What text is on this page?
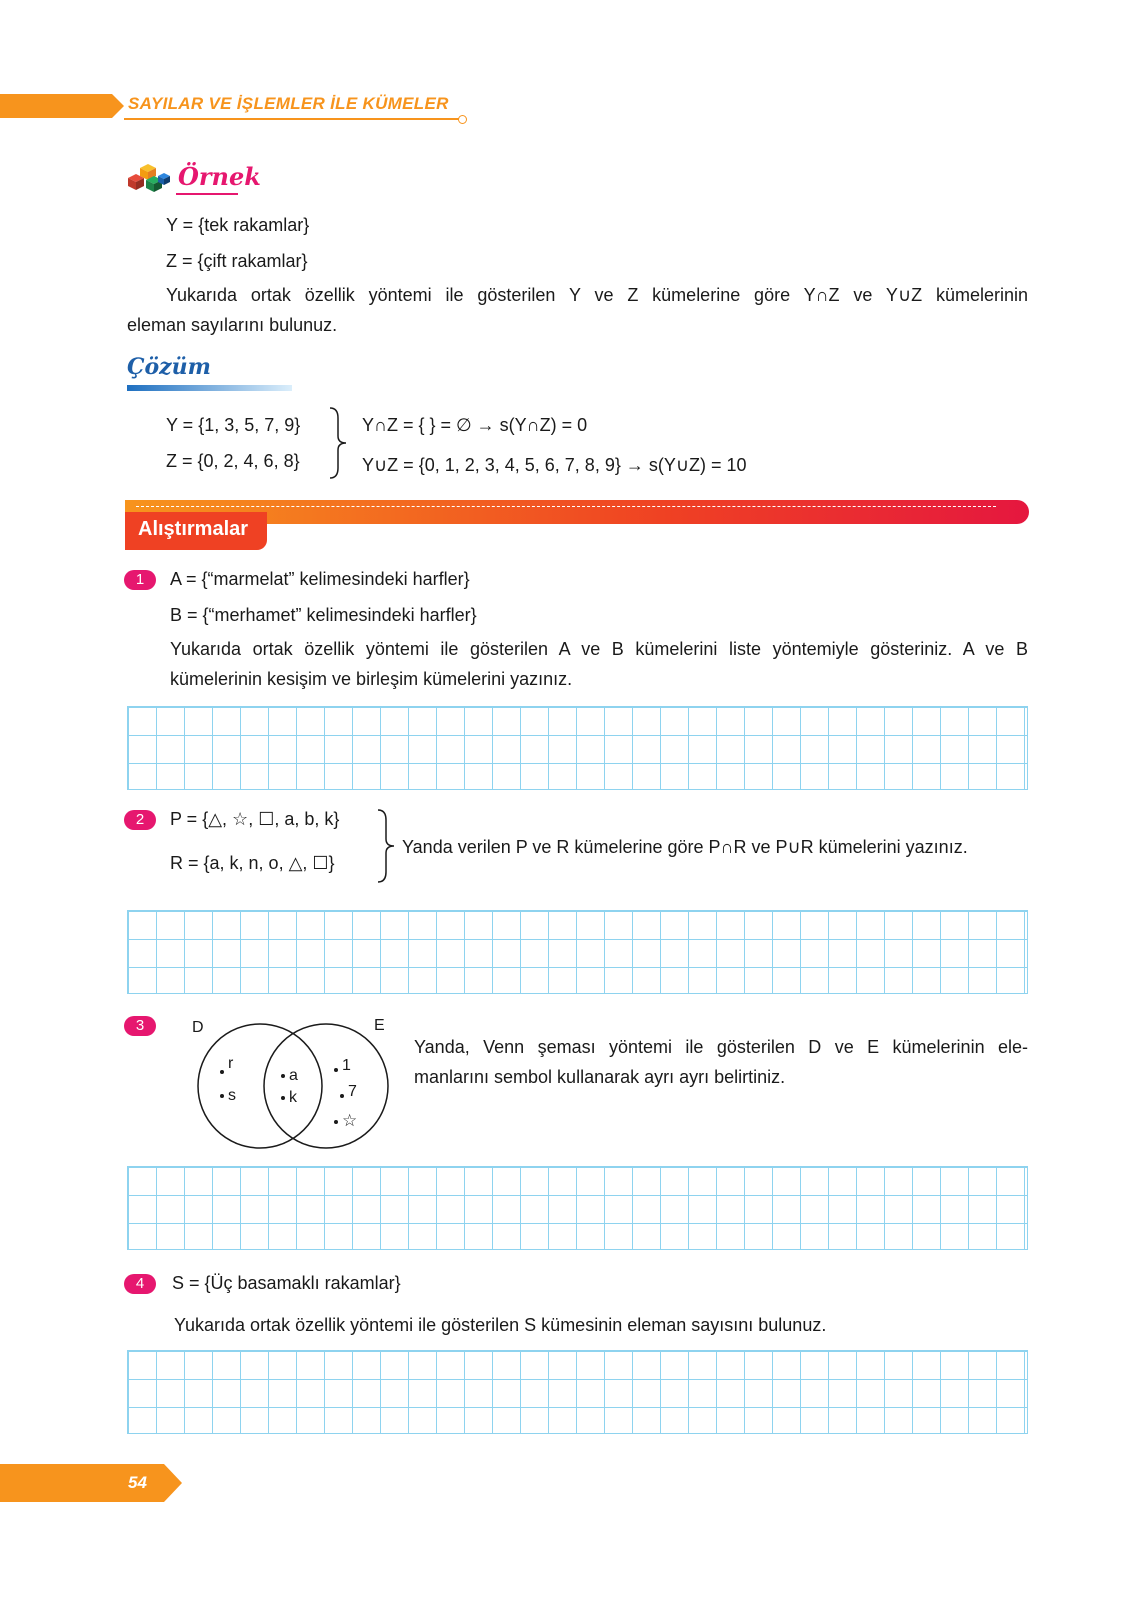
SAYILAR VE İŞLEMLER İLE KÜMELER
Örnek
Y = {tek rakamlar}
Z = {çift rakamlar}
Yukarıda ortak özellik yöntemi ile gösterilen Y ve Z kümelerine göre Y∩Z ve Y∪Z kümelerinin
eleman sayılarını bulunuz.
Çözüm
Y = {1, 3, 5, 7, 9}
Z = {0, 2, 4, 6, 8}
Y∩Z = { } = ∅ → s(Y∩Z) = 0
Y∪Z = {0, 1, 2, 3, 4, 5, 6, 7, 8, 9} → s(Y∪Z) = 10
Alıştırmalar
1	A = {“marmelat” kelimesindeki harfler}
B = {“merhamet” kelimesindeki harfler}
Yukarıda ortak özellik yöntemi ile gösterilen A ve B kümelerini liste yöntemiyle gösteriniz. A ve B
kümelerinin kesişim ve birleşim kümelerini yazınız.
2	P = {△, ☆, ☐, a, b, k}
R = {a, k, n, o, △, ☐}
Yanda verilen P ve R kümelerine göre P∩R ve P∪R kümelerini yazınız.
3	D	E
r
s
a
k
1
7
☆
Yanda, Venn şeması yöntemi ile gösterilen D ve E kümelerinin ele-
manlarını sembol kullanarak ayrı ayrı belirtiniz.
4	S = {Üç basamaklı rakamlar}
Yukarıda ortak özellik yöntemi ile gösterilen S kümesinin eleman sayısını bulunuz.
54
